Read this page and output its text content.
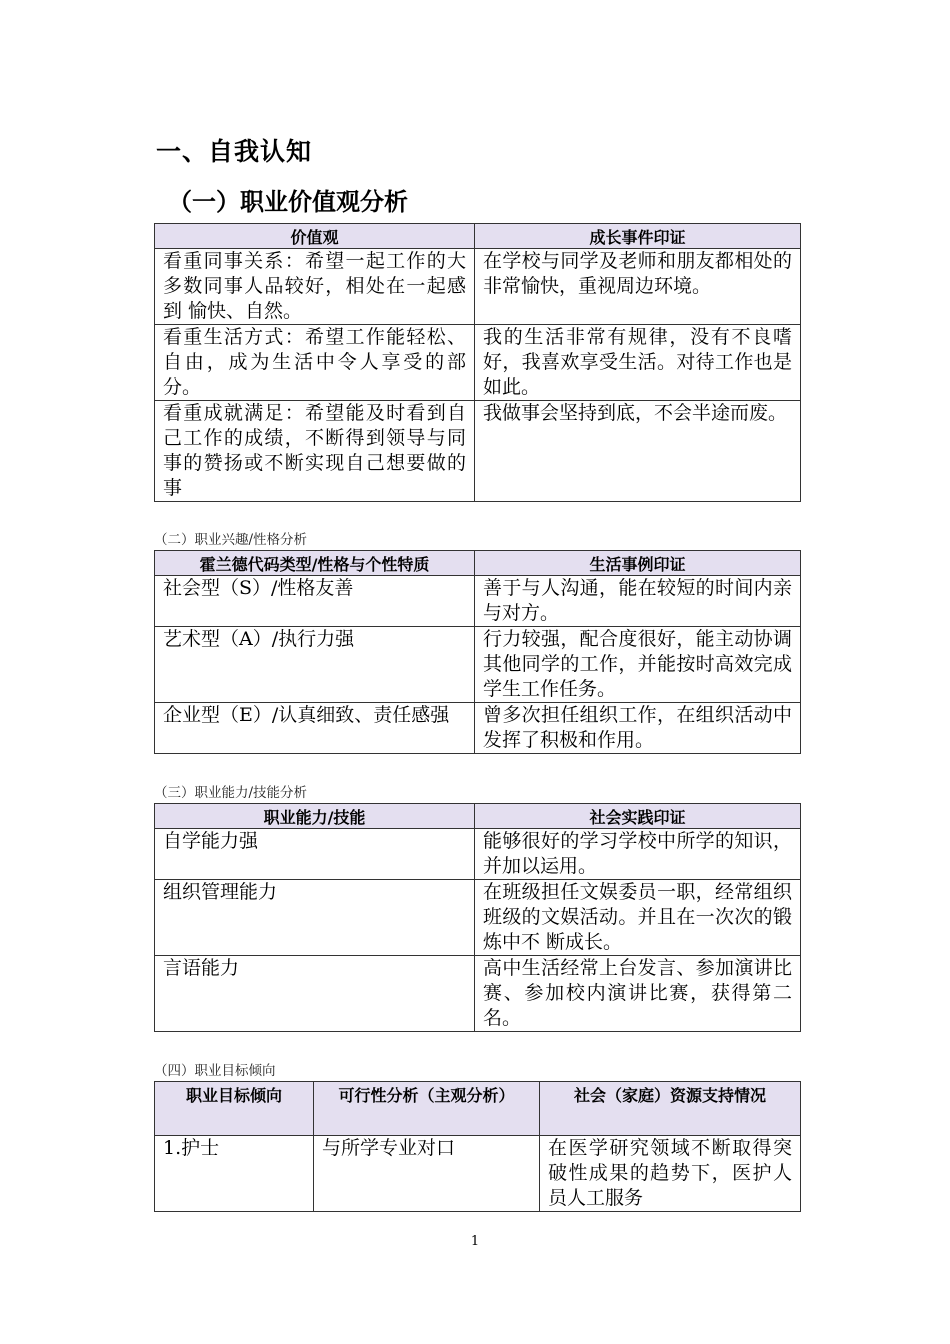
一、自我认知
（一）职业价值观分析
价值观	成长事件印证
看重同事关系：希望一起工作的大多数同事人品较好，相处在一起感到 愉快、自然。	在学校与同学及老师和朋友都相处的非常愉快，重视周边环境。
看重生活方式：希望工作能轻松、自由，成为生活中令人享受的部分。	我的生活非常有规律，没有不良嗜好，我喜欢享受生活。对待工作也是如此。
看重成就满足：希望能及时看到自己工作的成绩，不断得到领导与同事的赞扬或不断实现自己想要做的事	我做事会坚持到底，不会半途而废。

（二）职业兴趣/性格分析

霍兰德代码类型/性格与个性特质	生活事例印证
社会型（S）/性格友善	善于与人沟通，能在较短的时间内亲与对方。
艺术型（A）/执行力强	行力较强，配合度很好，能主动协调其他同学的工作，并能按时高效完成学生工作任务。
企业型（E）/认真细致、责任感强	曾多次担任组织工作，在组织活动中发挥了积极和作用。

（三）职业能力/技能分析

职业能力/技能	社会实践印证
自学能力强	能够很好的学习学校中所学的知识，并加以运用。
组织管理能力	在班级担任文娱委员一职，经常组织班级的文娱活动。并且在一次次的锻炼中不 断成长。
言语能力	高中生活经常上台发言、参加演讲比赛、参加校内演讲比赛，获得第二名。

（四）职业目标倾向

职业目标倾向	可行性分析（主观分析）	社会（家庭）资源支持情况
1.护士	与所学专业对口	在医学研究领域不断取得突破性成果的趋势下，医护人员人工服务
1
